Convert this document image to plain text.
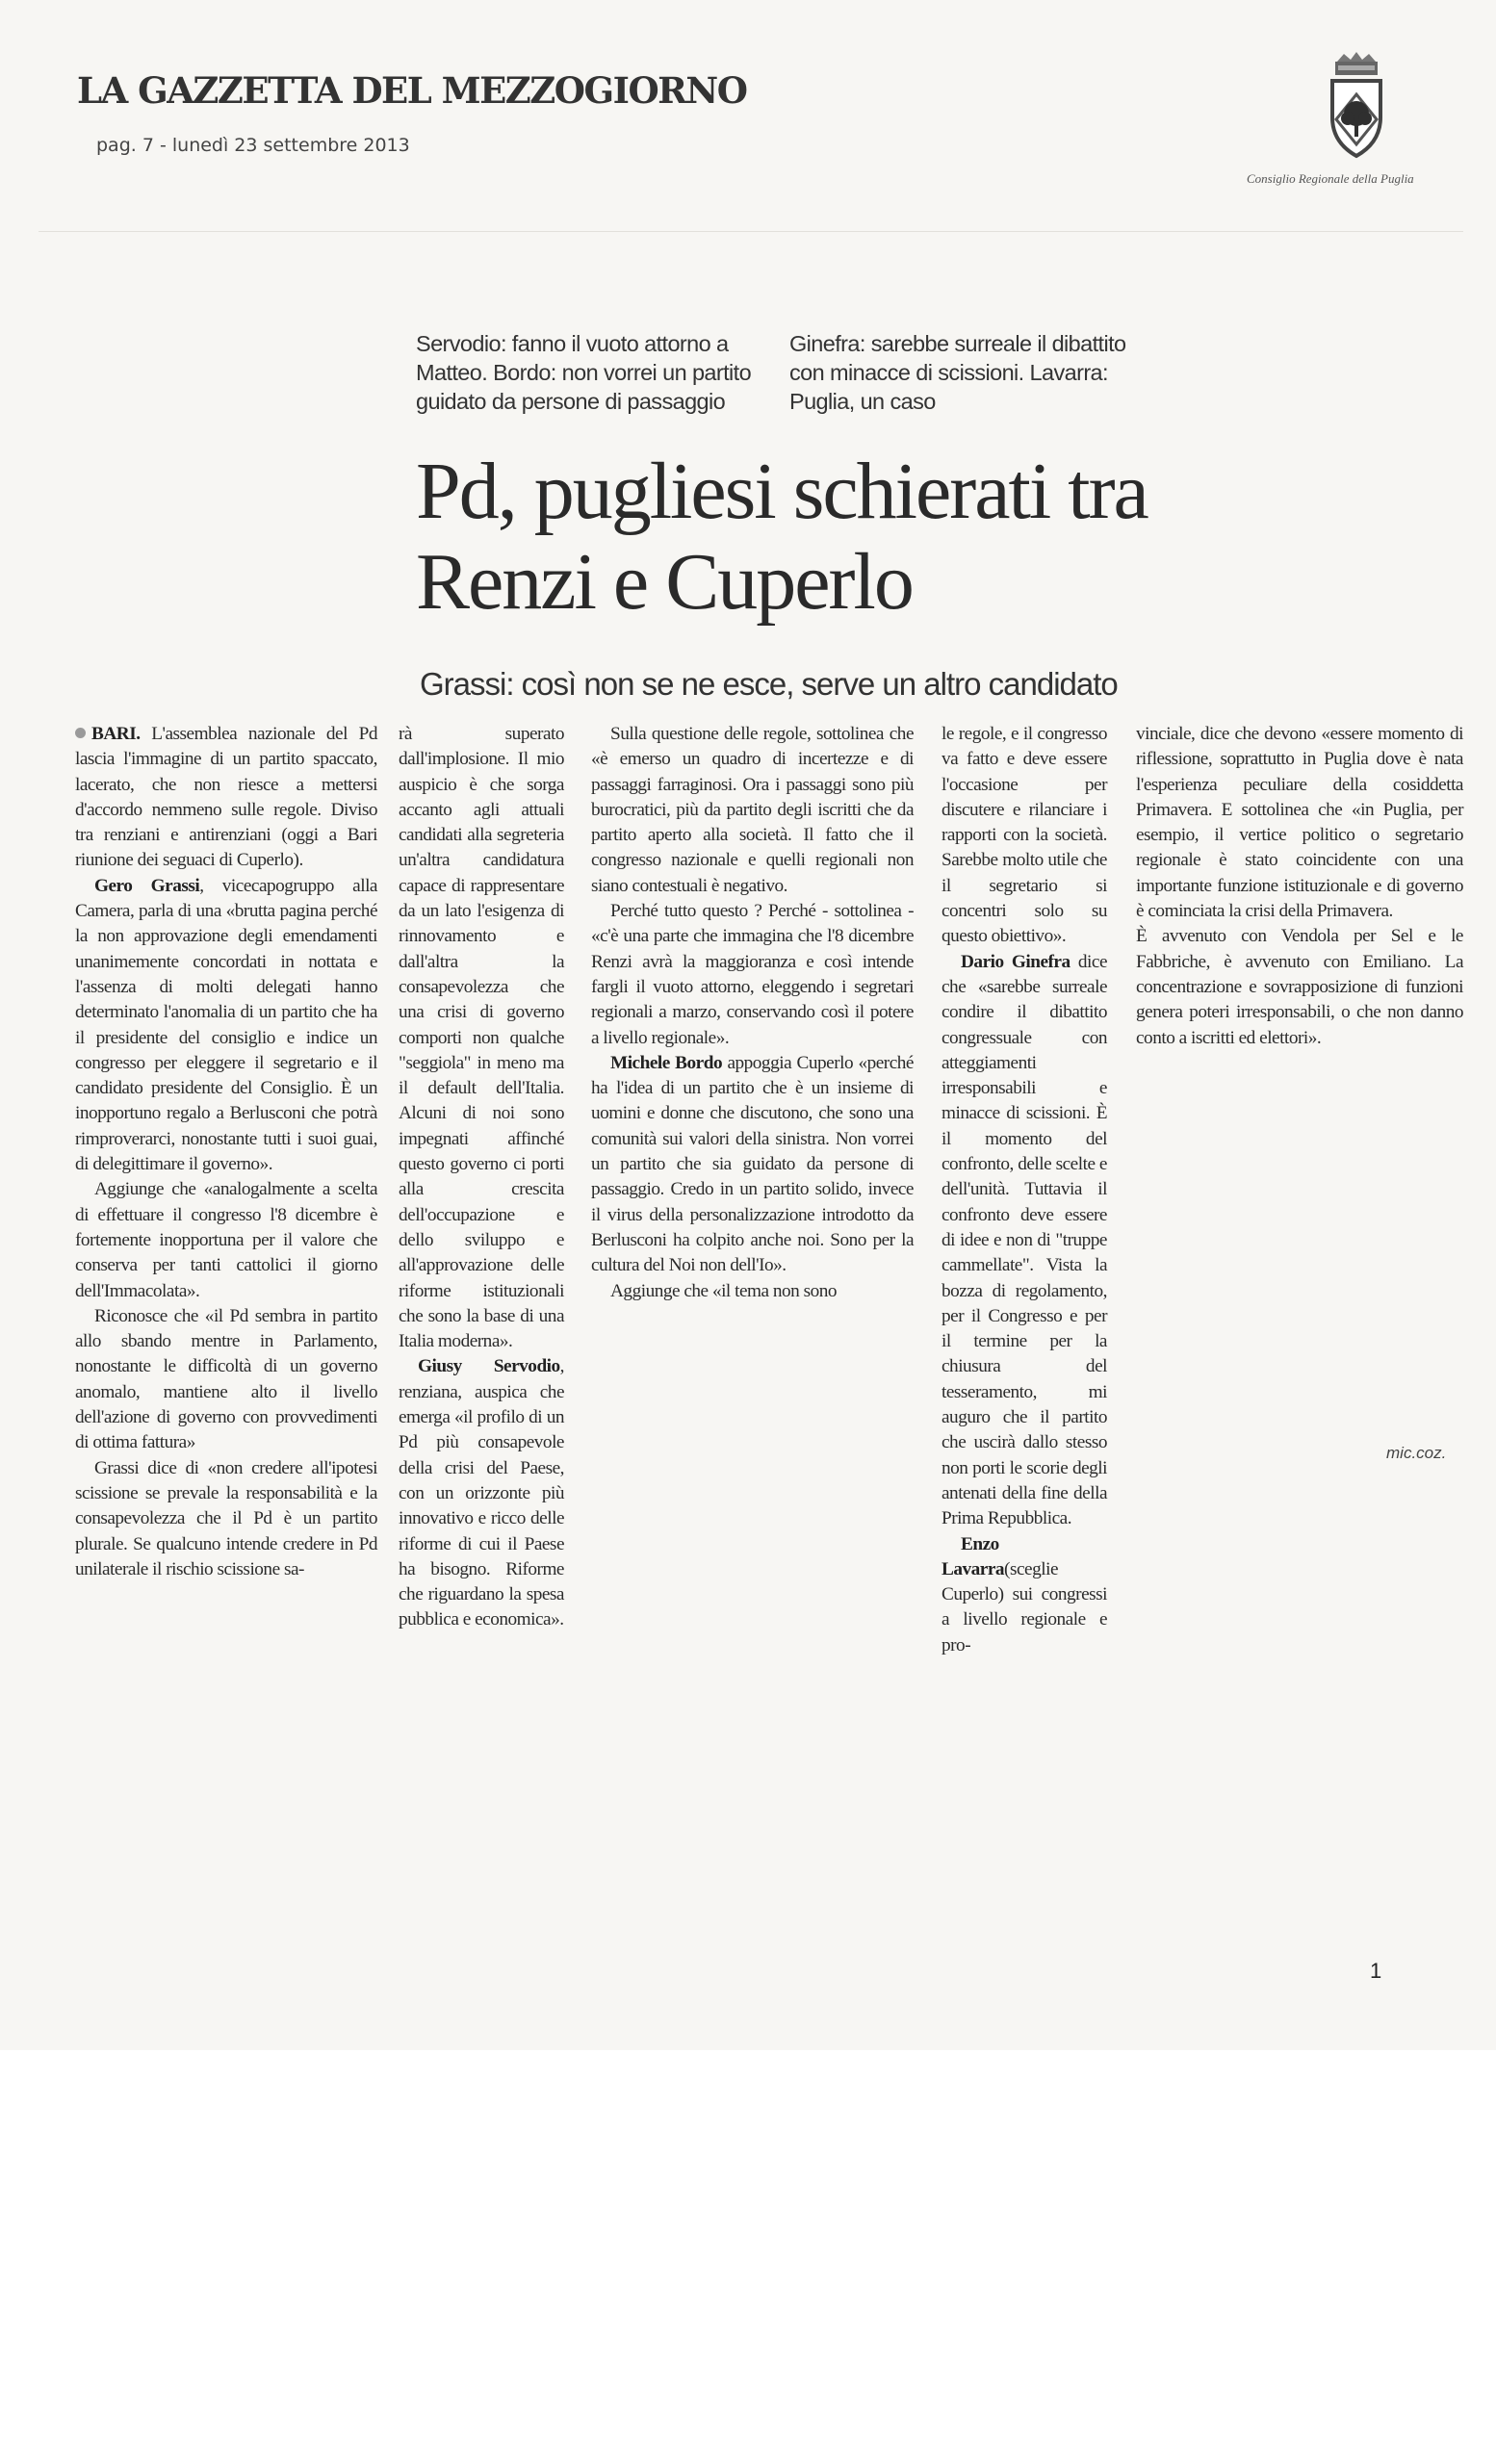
LA GAZZETTA DEL MEZZOGIORNO
pag. 7 - lunedì 23 settembre 2013
Consiglio Regionale della Puglia
Servodio: fanno il vuoto attorno a Matteo. Bordo: non vorrei un partito guidato da persone di passaggio
Ginefra: sarebbe surreale il dibattito con minacce di scissioni. Lavarra: Puglia, un caso
Pd, pugliesi schierati tra Renzi e Cuperlo
Grassi: così non se ne esce, serve un altro candidato

BARI. L'assemblea nazionale del Pd lascia l'immagine di un partito spaccato, lacerato, che non riesce a mettersi d'accordo nemmeno sulle regole. Diviso tra renziani e antirenziani (oggi a Bari riunione dei seguaci di Cuperlo).

Gero Grassi, vicecapogruppo alla Camera, parla di una «brutta pagina perché la non approvazione degli emendamenti unanimemente concordati in nottata e l'assenza di molti delegati hanno determinato l'anomalia di un partito che ha il presidente del consiglio e indice un congresso per eleggere il segretario e il candidato presidente del Consiglio. È un inopportuno regalo a Berlusconi che potrà rimproverarci, nonostante tutti i suoi guai, di delegittimare il governo».

Aggiunge che «analogalmente a scelta di effettuare il congresso l'8 dicembre è fortemente inopportuna per il valore che conserva per tanti cattolici il giorno dell'Immacolata».

Riconosce che «il Pd sembra in partito allo sbando mentre in Parlamento, nonostante le difficoltà di un governo anomalo, mantiene alto il livello dell'azione di governo con provvedimenti di ottima fattura»

Grassi dice di «non credere all'ipotesi scissione se prevale la responsabilità e la consapevolezza che il Pd è un partito plurale. Se qualcuno intende credere in Pd unilaterale il rischio scissione sa-

rà superato dall'implosione. Il mio auspicio è che sorga accanto agli attuali candidati alla segreteria un'altra candidatura capace di rappresentare da un lato l'esigenza di rinnovamento e dall'altra la consapevolezza che una crisi di governo comporti non qualche "seggiola" in meno ma il default dell'Italia. Alcuni di noi sono impegnati affinché questo governo ci porti alla crescita dell'occupazione e dello sviluppo e all'approvazione delle riforme istituzionali che sono la base di una Italia moderna».

Giusy Servodio, renziana, auspica che emerga «il profilo di un Pd più consapevole della crisi del Paese, con un orizzonte più innovativo e ricco delle riforme di cui il Paese ha bisogno. Riforme che riguardano la spesa pubblica e economica».

Sulla questione delle regole, sottolinea che «è emerso un quadro di incertezze e di passaggi farraginosi. Ora i passaggi sono più burocratici, più da partito degli iscritti che da partito aperto alla società. Il fatto che il congresso nazionale e quelli regionali non siano contestuali è negativo.

Perché tutto questo ? Perché - sottolinea - «c'è una parte che immagina che l'8 dicembre Renzi avrà la maggioranza e così intende fargli il vuoto attorno, eleggendo i segretari regionali a marzo, conservando così il potere a livello regionale».

Michele Bordo appoggia Cuperlo «perché ha l'idea di un partito che è un insieme di uomini e donne che discutono, che sono una comunità sui valori della sinistra. Non vorrei un partito che sia guidato da persone di passaggio. Credo in un partito solido, invece il virus della personalizzazione introdotto da Berlusconi ha colpito anche noi. Sono per la cultura del Noi non dell'Io».

Aggiunge che «il tema non sono

le regole, e il congresso va fatto e deve essere l'occasione per discutere e rilanciare i rapporti con la società. Sarebbe molto utile che il segretario si concentri solo su questo obiettivo».

Dario Ginefra dice che «sarebbe surreale condire il dibattito congressuale con atteggiamenti irresponsabili e minacce di scissioni. È il momento del confronto, delle scelte e dell'unità. Tuttavia il confronto deve essere di idee e non di "truppe cammellate". Vista la bozza di regolamento, per il Congresso e per il termine per la chiusura del tesseramento, mi auguro che il partito che uscirà dallo stesso non porti le scorie degli antenati della fine della Prima Repubblica.

Enzo Lavarra(sceglie Cuperlo) sui congressi a livello regionale e pro-

vinciale, dice che devono «essere momento di riflessione, soprattutto in Puglia dove è nata l'esperienza peculiare della cosiddetta Primavera. E sottolinea che «in Puglia, per esempio, il vertice politico o segretario regionale è stato coincidente con una importante funzione istituzionale e di governo è cominciata la crisi della Primavera.

È avvenuto con Vendola per Sel e le Fabbriche, è avvenuto con Emiliano. La concentrazione e sovrapposizione di funzioni genera poteri irresponsabili, o che non danno conto a iscritti ed elettori».

mic.coz.
1
